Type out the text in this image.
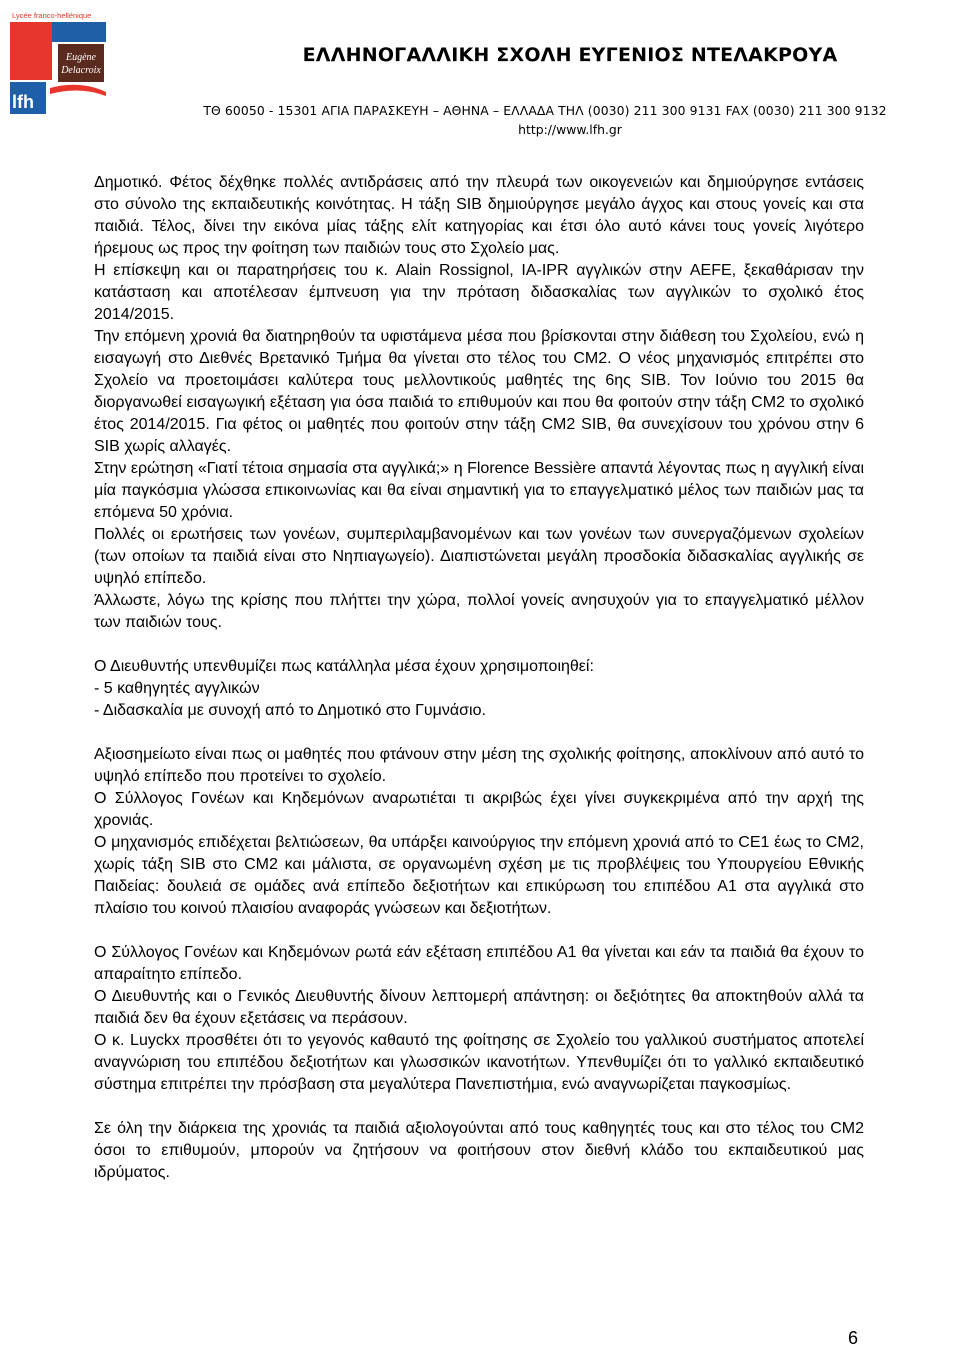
Lycée franco-hellénique
Eugène
Delacroix
lfh
ΕΛΛΗΝΟΓΑΛΛΙΚΗ ΣΧΟΛΗ ΕΥΓΕΝΙΟΣ ΝΤΕΛΑΚΡΟΥΑ
ΤΘ 60050 - 15301 ΑΓΙΑ ΠΑΡΑΣΚΕΥΗ – ΑΘΗΝΑ – ΕΛΛΑΔΑ ΤΗΛ (0030) 211 300 9131 FAX (0030) 211 300 9132
http://www.lfh.gr

Δημοτικό. Φέτος δέχθηκε πολλές αντιδράσεις από την πλευρά των οικογενειών και δημιούργησε εντάσεις στο σύνολο της εκπαιδευτικής κοινότητας. Η τάξη SIB δημιούργησε μεγάλο άγχος και στους γονείς και στα παιδιά. Τέλος, δίνει την εικόνα μίας τάξης ελίτ κατηγορίας και έτσι όλο αυτό κάνει τους γονείς λιγότερο ήρεμους ως προς την φοίτηση των παιδιών τους στο Σχολείο μας.

Η επίσκεψη και οι παρατηρήσεις του κ. Alain Rossignol, IA-IPR αγγλικών στην AEFE, ξεκαθάρισαν την κατάσταση και αποτέλεσαν έμπνευση για την πρόταση διδασκαλίας των αγγλικών το σχολικό έτος 2014/2015.

Την επόμενη χρονιά θα διατηρηθούν τα υφιστάμενα μέσα που βρίσκονται στην διάθεση του Σχολείου, ενώ η εισαγωγή στο Διεθνές Βρετανικό Τμήμα θα γίνεται στο τέλος του CM2. Ο νέος μηχανισμός επιτρέπει στο Σχολείο να προετοιμάσει καλύτερα τους μελλοντικούς μαθητές της 6ης SIB. Τον Ιούνιο του 2015 θα διοργανωθεί εισαγωγική εξέταση για όσα παιδιά το επιθυμούν και που θα φοιτούν στην τάξη CM2 το σχολικό έτος 2014/2015. Για φέτος οι μαθητές που φοιτούν στην τάξη CM2 SIB, θα συνεχίσουν του χρόνου στην 6 SIB χωρίς αλλαγές.

Στην ερώτηση «Γιατί τέτοια σημασία στα αγγλικά;» η Florence Bessière απαντά λέγοντας πως η αγγλική είναι μία παγκόσμια γλώσσα επικοινωνίας και θα είναι σημαντική για το επαγγελματικό μέλος των παιδιών μας τα επόμενα 50 χρόνια.

Πολλές οι ερωτήσεις των γονέων, συμπεριλαμβανομένων και των γονέων των συνεργαζόμενων σχολείων (των οποίων τα παιδιά είναι στο Νηπιαγωγείο). Διαπιστώνεται μεγάλη προσδοκία διδασκαλίας αγγλικής σε υψηλό επίπεδο.

Άλλωστε, λόγω της κρίσης που πλήττει την χώρα, πολλοί γονείς ανησυχούν για το επαγγελματικό μέλλον των παιδιών τους.

Ο Διευθυντής υπενθυμίζει πως κατάλληλα μέσα έχουν χρησιμοποιηθεί:

- 5 καθηγητές αγγλικών

- Διδασκαλία με συνοχή από το Δημοτικό στο Γυμνάσιο.

Αξιοσημείωτο είναι πως οι μαθητές που φτάνουν στην μέση της σχολικής φοίτησης, αποκλίνουν από αυτό το υψηλό επίπεδο που προτείνει το σχολείο.

Ο Σύλλογος Γονέων και Κηδεμόνων αναρωτιέται τι ακριβώς έχει γίνει συγκεκριμένα από την αρχή της χρονιάς.

Ο μηχανισμός επιδέχεται βελτιώσεων, θα υπάρξει καινούργιος την επόμενη χρονιά από το CE1 έως το CM2, χωρίς τάξη SIB στο CM2 και μάλιστα, σε οργανωμένη σχέση με τις προβλέψεις του Υπουργείου Εθνικής Παιδείας: δουλειά σε ομάδες ανά επίπεδο δεξιοτήτων και επικύρωση του επιπέδου Α1 στα αγγλικά στο πλαίσιο του κοινού πλαισίου αναφοράς γνώσεων και δεξιοτήτων.

Ο Σύλλογος Γονέων και Κηδεμόνων ρωτά εάν εξέταση επιπέδου Α1 θα γίνεται και εάν τα παιδιά θα έχουν το απαραίτητο επίπεδο.

Ο Διευθυντής και ο Γενικός Διευθυντής δίνουν λεπτομερή απάντηση: οι δεξιότητες θα αποκτηθούν αλλά τα παιδιά δεν θα έχουν εξετάσεις να περάσουν.

Ο κ. Luyckx προσθέτει ότι το γεγονός καθαυτό της φοίτησης σε Σχολείο του γαλλικού συστήματος αποτελεί αναγνώριση του επιπέδου δεξιοτήτων και γλωσσικών ικανοτήτων. Υπενθυμίζει ότι το γαλλικό εκπαιδευτικό σύστημα επιτρέπει την πρόσβαση στα μεγαλύτερα Πανεπιστήμια, ενώ αναγνωρίζεται παγκοσμίως.

Σε όλη την διάρκεια της χρονιάς τα παιδιά αξιολογούνται από τους καθηγητές τους και στο τέλος του CM2 όσοι το επιθυμούν, μπορούν να ζητήσουν να φοιτήσουν στον διεθνή κλάδο του εκπαιδευτικού μας ιδρύματος.

6
